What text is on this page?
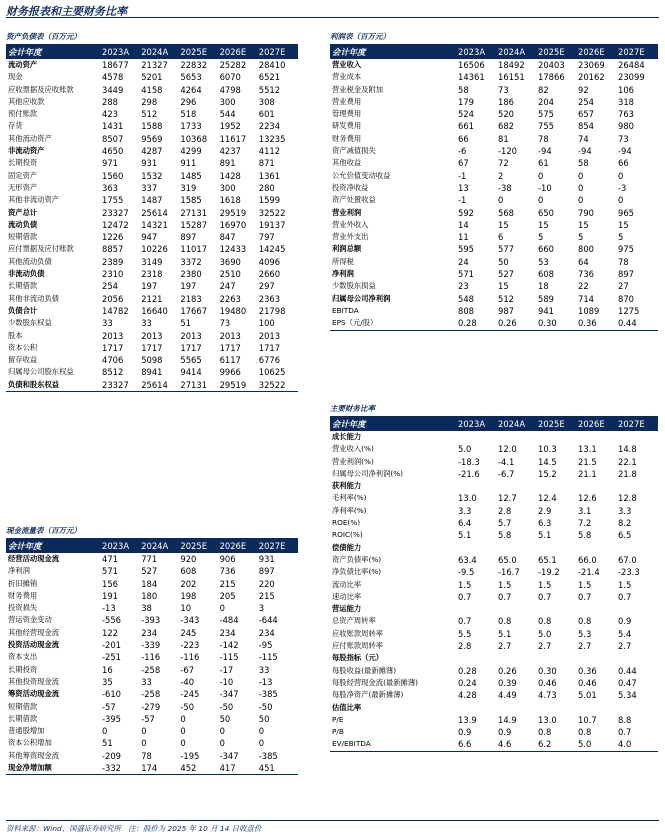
财务报表和主要财务比率
资产负债表（百万元）
会计年度	2023A	2024A	2025E	2026E	2027E
流动资产	18677	21327	22832	25282	28410
现金	4578	5201	5653	6070	6521
应收票据及应收账款	3449	4158	4264	4798	5512
其他应收款	288	298	296	300	308
预付账款	423	512	518	544	601
存货	1431	1588	1733	1952	2234
其他流动资产	8507	9569	10368	11617	13235
非流动资产	4650	4287	4299	4237	4112
长期投资	971	931	911	891	871
固定资产	1560	1532	1485	1428	1361
无形资产	363	337	319	300	280
其他非流动资产	1755	1487	1585	1618	1599
资产总计	23327	25614	27131	29519	32522
流动负债	12472	14321	15287	16970	19137
短期借款	1226	947	897	847	797
应付票据及应付账款	8857	10226	11017	12433	14245
其他流动负债	2389	3149	3372	3690	4096
非流动负债	2310	2318	2380	2510	2660
长期借款	254	197	197	247	297
其他非流动负债	2056	2121	2183	2263	2363
负债合计	14782	16640	17667	19480	21798
少数股东权益	33	33	51	73	100
股本	2013	2013	2013	2013	2013
资本公积	1717	1717	1717	1717	1717
留存收益	4706	5098	5565	6117	6776
归属母公司股东权益	8512	8941	9414	9966	10625
负债和股东权益	23327	25614	27131	29519	32522
现金流量表（百万元）
会计年度	2023A	2024A	2025E	2026E	2027E
经营活动现金流	471	771	920	906	931
净利润	571	527	608	736	897
折旧摊销	156	184	202	215	220
财务费用	191	180	198	205	215
投资损失	-13	38	10	0	3
营运资金变动	-556	-393	-343	-484	-644
其他经营现金流	122	234	245	234	234
投资活动现金流	-201	-339	-223	-142	-95
资本支出	-251	-116	-116	-115	-115
长期投资	16	-258	-67	-17	33
其他投资现金流	35	33	-40	-10	-13
筹资活动现金流	-610	-258	-245	-347	-385
短期借款	-57	-279	-50	-50	-50
长期借款	-395	-57	0	50	50
普通股增加	0	0	0	0	0
资本公积增加	51	0	0	0	0
其他筹资现金流	-209	78	-195	-347	-385
现金净增加额	-332	174	452	417	451
利润表（百万元）
会计年度	2023A	2024A	2025E	2026E	2027E
营业收入	16506	18492	20403	23069	26484
营业成本	14361	16151	17866	20162	23099
营业税金及附加	58	73	82	92	106
营业费用	179	186	204	254	318
管理费用	524	520	575	657	763
研发费用	661	682	755	854	980
财务费用	66	81	78	74	73
资产减值损失	-6	-120	-94	-94	-94
其他收益	67	72	61	58	66
公允价值变动收益	-1	2	0	0	0
投资净收益	13	-38	-10	0	-3
资产处置收益	-1	0	0	0	0
营业利润	592	568	650	790	965
营业外收入	14	15	15	15	15
营业外支出	11	6	5	5	5
利润总额	595	577	660	800	975
所得税	24	50	53	64	78
净利润	571	527	608	736	897
少数股东损益	23	15	18	22	27
归属母公司净利润	548	512	589	714	870
EBITDA	808	987	941	1089	1275
EPS（元/股）	0.28	0.26	0.30	0.36	0.44
主要财务比率
会计年度	2023A	2024A	2025E	2026E	2027E
成长能力					
营业收入(%)	5.0	12.0	10.3	13.1	14.8
营业利润(%)	-18.3	-4.1	14.5	21.5	22.1
归属母公司净利润(%)	-21.6	-6.7	15.2	21.1	21.8
获利能力					
毛利率(%)	13.0	12.7	12.4	12.6	12.8
净利率(%)	3.3	2.8	2.9	3.1	3.3
ROE(%)	6.4	5.7	6.3	7.2	8.2
ROIC(%)	5.1	5.8	5.1	5.8	6.5
偿债能力					
资产负债率(%)	63.4	65.0	65.1	66.0	67.0
净负债比率(%)	-9.5	-16.7	-19.2	-21.4	-23.3
流动比率	1.5	1.5	1.5	1.5	1.5
速动比率	0.7	0.7	0.7	0.7	0.7
营运能力					
总资产周转率	0.7	0.8	0.8	0.8	0.9
应收账款周转率	5.5	5.1	5.0	5.3	5.4
应付账款周转率	2.8	2.7	2.7	2.7	2.7
每股指标（元）					
每股收益(最新摊薄)	0.28	0.26	0.30	0.36	0.44
每股经营现金流(最新摊薄)	0.24	0.39	0.46	0.46	0.47
每股净资产(最新摊薄)	4.28	4.49	4.73	5.01	5.34
估值比率					
P/E	13.9	14.9	13.0	10.7	8.8
P/B	0.9	0.9	0.8	0.8	0.7
EV/EBITDA	6.6	4.6	6.2	5.0	4.0
资料来源：Wind、国盛证券研究所　注：股价为 2025 年 10 月 14 日收盘价
